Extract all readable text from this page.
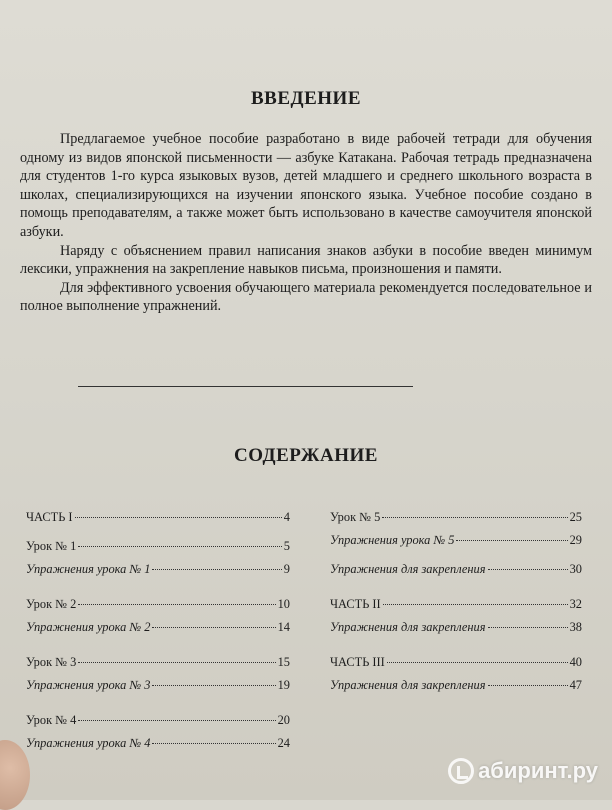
ВВЕДЕНИЕ

Предлагаемое учебное пособие разработано в виде рабочей тетради для обучения одному из видов японской письменности — азбуке Катакана. Рабочая тетрадь предназначена для студентов 1-го курса языковых вузов, детей младшего и среднего школьного возраста в школах, специализирующихся на изучении японского языка. Учебное пособие создано в помощь преподавателям, а также может быть использовано в качестве самоучителя японской азбуки.

Наряду с объяснением правил написания знаков азбуки в пособие введен минимум лексики, упражнения на закрепление навыков письма, произношения и памяти.

Для эффективного усвоения обучающего материала рекомендуется последовательное и полное выполнение упражнений.

СОДЕРЖАНИЕ
ЧАСТЬ I	4
Урок № 1	5
Упражнения урока № 1	9
Урок № 2	10
Упражнения урока № 2	14
Урок № 3	15
Упражнения урока № 3	19
Урок № 4	20
Упражнения урока № 4	24
Урок № 5	25
Упражнения урока № 5	29
Упражнения для закрепления	30
ЧАСТЬ II	32
Упражнения для закрепления	38
ЧАСТЬ III	40
Упражнения для закрепления	47
абиринт.ру
